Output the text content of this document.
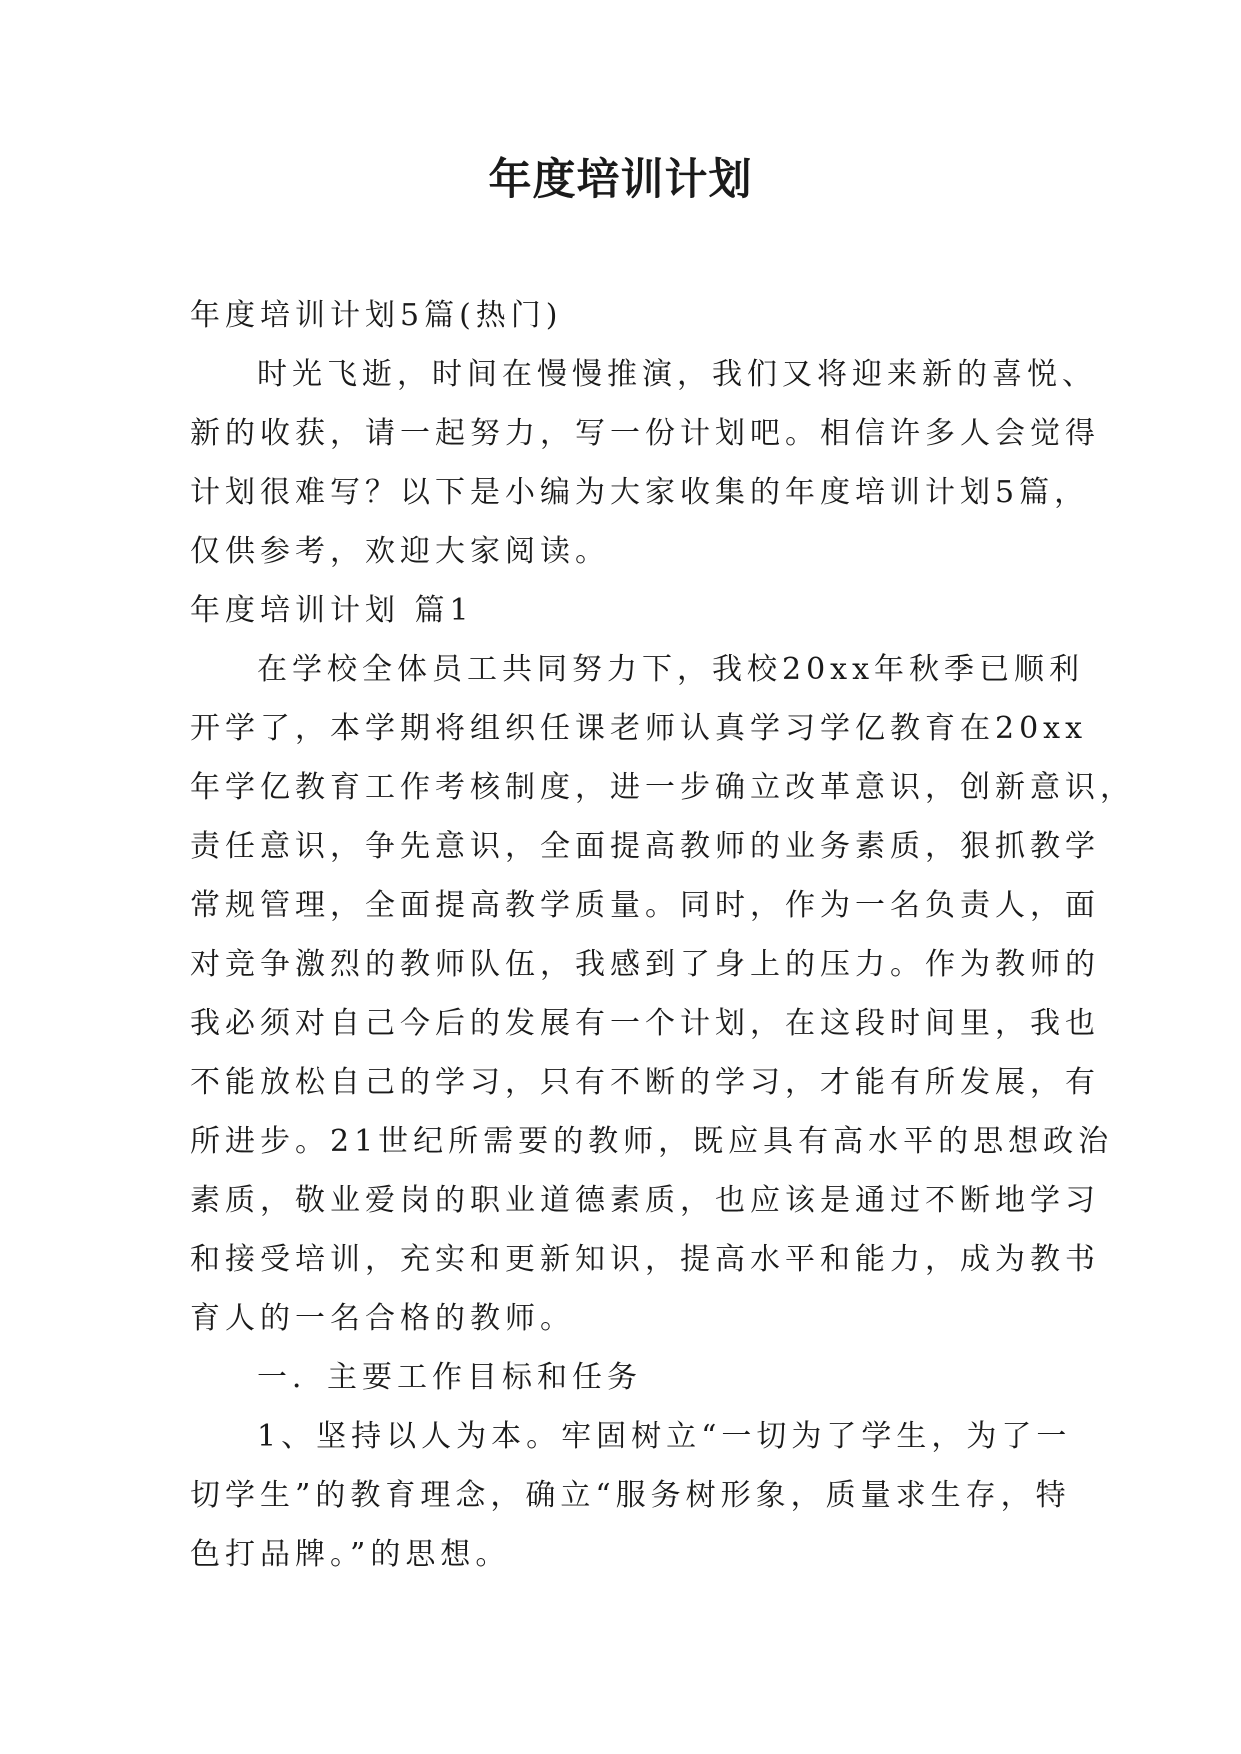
年度培训计划
年度培训计划5篇(热门)
时光飞逝，时间在慢慢推演，我们又将迎来新的喜悦、
新的收获，请一起努力，写一份计划吧。相信许多人会觉得
计划很难写？以下是小编为大家收集的年度培训计划5篇，
仅供参考，欢迎大家阅读。
年度培训计划 篇1
在学校全体员工共同努力下，我校20xx年秋季已顺利
开学了，本学期将组织任课老师认真学习学亿教育在20xx
年学亿教育工作考核制度，进一步确立改革意识，创新意识，
责任意识，争先意识，全面提高教师的业务素质，狠抓教学
常规管理，全面提高教学质量。同时，作为一名负责人，面
对竞争激烈的教师队伍，我感到了身上的压力。作为教师的
我必须对自己今后的发展有一个计划，在这段时间里，我也
不能放松自己的学习，只有不断的学习，才能有所发展，有
所进步。21世纪所需要的教师，既应具有高水平的思想政治
素质，敬业爱岗的职业道德素质，也应该是通过不断地学习
和接受培训，充实和更新知识，提高水平和能力，成为教书
育人的一名合格的教师。
一．主要工作目标和任务
1、坚持以人为本。牢固树立“一切为了学生，为了一
切学生”的教育理念，确立“服务树形象，质量求生存，特
色打品牌。”的思想。
